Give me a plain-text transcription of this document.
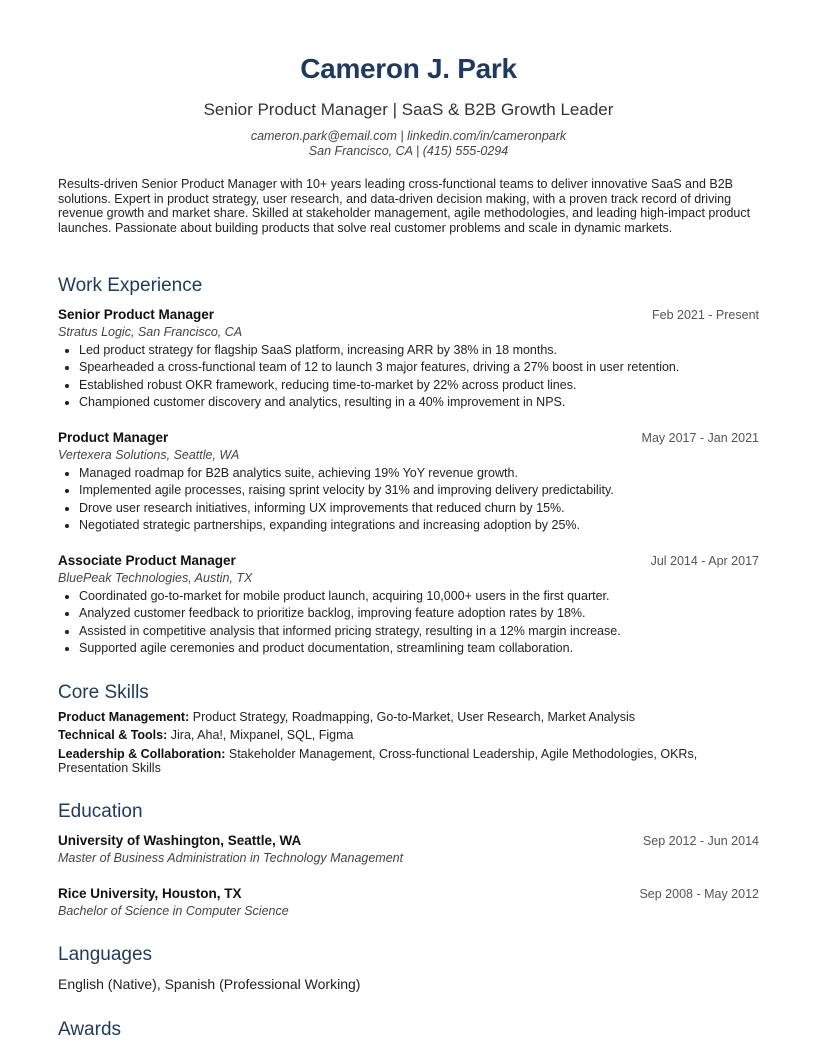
Cameron J. Park
Senior Product Manager | SaaS & B2B Growth Leader
cameron.park@email.com | linkedin.com/in/cameronpark
San Francisco, CA | (415) 555-0294
Results-driven Senior Product Manager with 10+ years leading cross-functional teams to deliver innovative SaaS and B2B solutions. Expert in product strategy, user research, and data-driven decision making, with a proven track record of driving revenue growth and market share. Skilled at stakeholder management, agile methodologies, and leading high-impact product launches. Passionate about building products that solve real customer problems and scale in dynamic markets.
Work Experience
Senior Product Manager	Feb 2021 - Present
Stratus Logic, San Francisco, CA
• Led product strategy for flagship SaaS platform, increasing ARR by 38% in 18 months.
• Spearheaded a cross-functional team of 12 to launch 3 major features, driving a 27% boost in user retention.
• Established robust OKR framework, reducing time-to-market by 22% across product lines.
• Championed customer discovery and analytics, resulting in a 40% improvement in NPS.
Product Manager	May 2017 - Jan 2021
Vertexera Solutions, Seattle, WA
• Managed roadmap for B2B analytics suite, achieving 19% YoY revenue growth.
• Implemented agile processes, raising sprint velocity by 31% and improving delivery predictability.
• Drove user research initiatives, informing UX improvements that reduced churn by 15%.
• Negotiated strategic partnerships, expanding integrations and increasing adoption by 25%.
Associate Product Manager	Jul 2014 - Apr 2017
BluePeak Technologies, Austin, TX
• Coordinated go-to-market for mobile product launch, acquiring 10,000+ users in the first quarter.
• Analyzed customer feedback to prioritize backlog, improving feature adoption rates by 18%.
• Assisted in competitive analysis that informed pricing strategy, resulting in a 12% margin increase.
• Supported agile ceremonies and product documentation, streamlining team collaboration.
Core Skills
Product Management: Product Strategy, Roadmapping, Go-to-Market, User Research, Market Analysis
Technical & Tools: Jira, Aha!, Mixpanel, SQL, Figma
Leadership & Collaboration: Stakeholder Management, Cross-functional Leadership, Agile Methodologies, OKRs, Presentation Skills
Education
University of Washington, Seattle, WA	Sep 2012 - Jun 2014
Master of Business Administration in Technology Management
Rice University, Houston, TX	Sep 2008 - May 2012
Bachelor of Science in Computer Science
Languages
English (Native), Spanish (Professional Working)
Awards
